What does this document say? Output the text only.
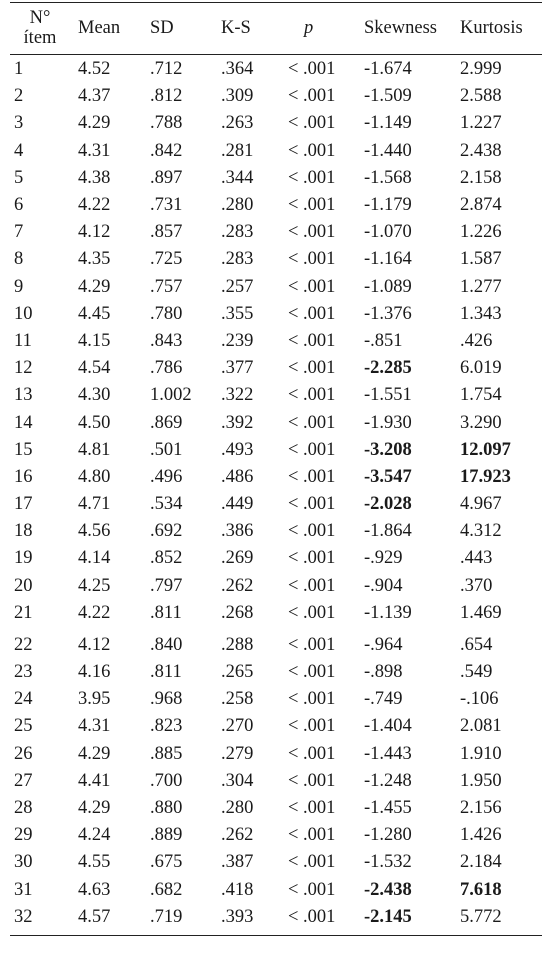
N°
ítem	Mean	SD	K-S	p	Skewness	Kurtosis
1	4.52	.712	.364	< .001	-1.674	2.999
2	4.37	.812	.309	< .001	-1.509	2.588
3	4.29	.788	.263	< .001	-1.149	1.227
4	4.31	.842	.281	< .001	-1.440	2.438
5	4.38	.897	.344	< .001	-1.568	2.158
6	4.22	.731	.280	< .001	-1.179	2.874
7	4.12	.857	.283	< .001	-1.070	1.226
8	4.35	.725	.283	< .001	-1.164	1.587
9	4.29	.757	.257	< .001	-1.089	1.277
10	4.45	.780	.355	< .001	-1.376	1.343
11	4.15	.843	.239	< .001	-.851	.426
12	4.54	.786	.377	< .001	-2.285	6.019
13	4.30	1.002	.322	< .001	-1.551	1.754
14	4.50	.869	.392	< .001	-1.930	3.290
15	4.81	.501	.493	< .001	-3.208	12.097
16	4.80	.496	.486	< .001	-3.547	17.923
17	4.71	.534	.449	< .001	-2.028	4.967
18	4.56	.692	.386	< .001	-1.864	4.312
19	4.14	.852	.269	< .001	-.929	.443
20	4.25	.797	.262	< .001	-.904	.370
21	4.22	.811	.268	< .001	-1.139	1.469
22	4.12	.840	.288	< .001	-.964	.654
23	4.16	.811	.265	< .001	-.898	.549
24	3.95	.968	.258	< .001	-.749	-.106
25	4.31	.823	.270	< .001	-1.404	2.081
26	4.29	.885	.279	< .001	-1.443	1.910
27	4.41	.700	.304	< .001	-1.248	1.950
28	4.29	.880	.280	< .001	-1.455	2.156
29	4.24	.889	.262	< .001	-1.280	1.426
30	4.55	.675	.387	< .001	-1.532	2.184
31	4.63	.682	.418	< .001	-2.438	7.618
32	4.57	.719	.393	< .001	-2.145	5.772
